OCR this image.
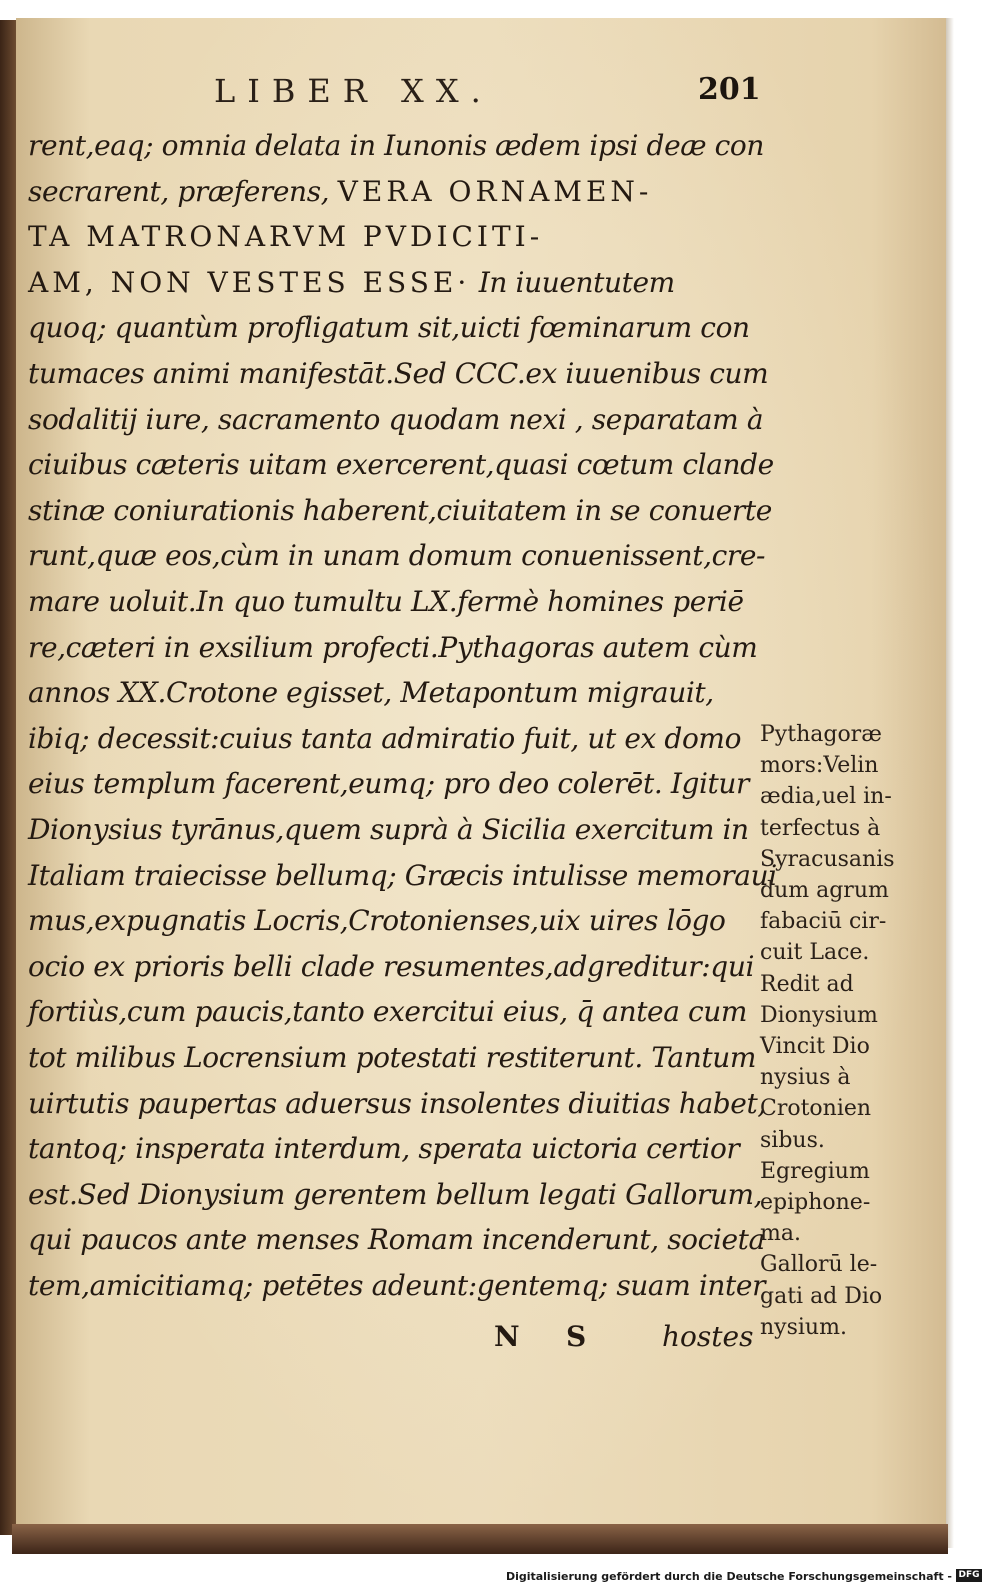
LIBER XX.	201
rent,eaq; omnia delata in Iunonis ædem ipsi deæ con
secrarent, præferens, VERA ORNAMEN-
TA MATRONARVM PVDICITI-
AM, NON VESTES ESSE· In iuuentutem
quoq; quantùm profligatum sit,uicti fœminarum con
tumaces animi manifestāt.Sed CCC.ex iuuenibus cum
sodalitij iure, sacramento quodam nexi , separatam à
ciuibus cæteris uitam exercerent,quasi cœtum clande
stinæ coniurationis haberent,ciuitatem in se conuerte
runt,quæ eos,cùm in unam domum conuenissent,cre-
mare uoluit.In quo tumultu LX.fermè homines periē
re,cæteri in exsilium profecti.Pythagoras autem cùm
annos XX.Crotone egisset, Metapontum migrauit,
ibiq; decessit:cuius tanta admiratio fuit, ut ex domo
eius templum facerent,eumq; pro deo colerēt. Igitur
Dionysius tyrānus,quem suprà à Sicilia exercitum in
Italiam traiecisse bellumq; Græcis intulisse memoraui
mus,expugnatis Locris,Crotonienses,uix uires lōgo
ocio ex prioris belli clade resumentes,adgreditur:qui
fortiùs,cum paucis,tanto exercitui eius, q̄ antea cum
tot milibus Locrensium potestati restiterunt. Tantum
uirtutis paupertas aduersus insolentes diuitias habet,
tantoq; insperata interdum, sperata uictoria certior
est.Sed Dionysium gerentem bellum legati Gallorum,
qui paucos ante menses Romam incenderunt, societa
tem,amicitiamq; petētes adeunt:gentemq; suam inter
N S	hostes
Pythagoræ
mors:Velin
ædia,uel in-
terfectus à
Syracusanis
dum agrum
fabaciū cir-
cuit Lace.
Redit ad
Dionysium
Vincit Dio
nysius à
Crotonien
sibus.
Egregium
epiphone-
ma.
Gallorū le-
gati ad Dio
nysium.
Digitalisierung gefördert durch die Deutsche Forschungsgemeinschaft - DFG
